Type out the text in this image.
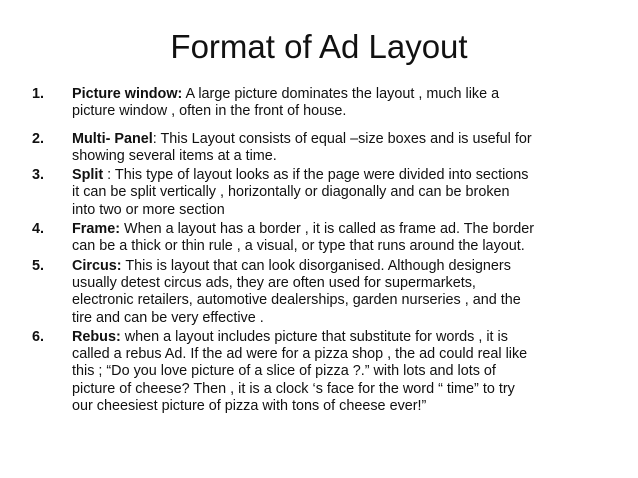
Format of Ad Layout
1. Picture window: A large picture dominates the layout , much like a
picture window , often in the front of house.
2. Multi- Panel: This Layout consists of equal –size boxes and is useful for
showing several items at a time.
3. Split : This type of layout looks as if the page were divided into sections
it can be split vertically , horizontally or diagonally and can be broken
into two or more section
4. Frame: When a layout has a border , it is called as frame ad. The border
can be a thick or thin rule , a visual, or type that runs around the layout.
5. Circus: This is layout that can look disorganised. Although designers
usually detest circus ads, they are often used for supermarkets,
electronic retailers, automotive dealerships, garden nurseries , and the
tire and can be very effective .
6. Rebus: when a layout includes picture that substitute for words , it is
called a rebus Ad. If the ad were for a pizza shop , the ad could real like
this ; “Do you love picture of a slice of pizza ?.” with lots and lots of
picture of cheese? Then , it is a clock ‘s face for the word “ time” to try
our cheesiest picture of pizza with tons of cheese ever!”
